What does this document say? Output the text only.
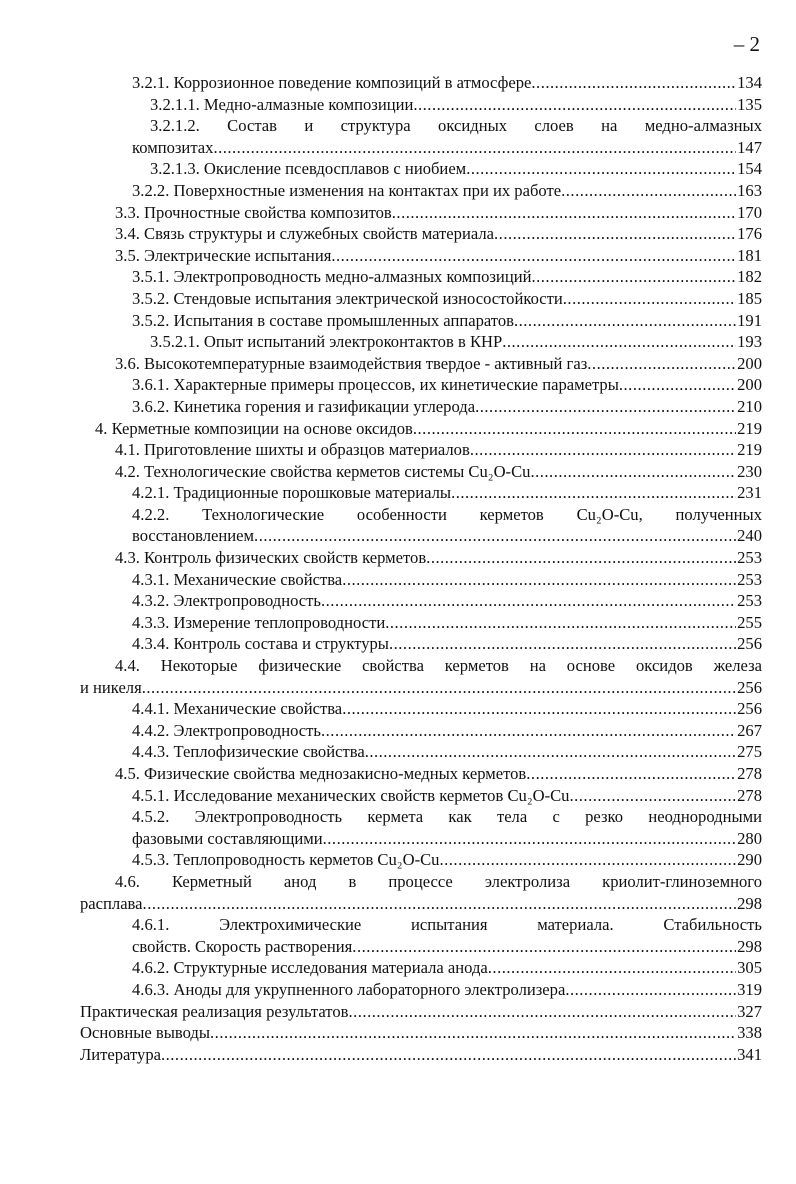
– 2
3.2.1. Коррозионное поведение композиций в атмосфере .....	134
3.2.1.1. Медно-алмазные композиции .....	135
3.2.1.2. Состав и структура оксидных слоев на медно-алмазных
композитах .....	147
3.2.1.3. Окисление псевдосплавов с ниобием .....	154
3.2.2. Поверхностные изменения на контактах при их работе .....	163
3.3. Прочностные свойства композитов .....	170
3.4. Связь структуры и служебных свойств материала .....	176
3.5. Электрические испытания .....	181
3.5.1. Электропроводность медно-алмазных композиций .....	182
3.5.2. Стендовые испытания электрической износостойкости .....	185
3.5.2. Испытания в составе промышленных аппаратов .....	191
3.5.2.1. Опыт испытаний электроконтактов в КНР .....	193
3.6. Высокотемпературные взаимодействия твердое - активный газ .....	200
3.6.1. Характерные примеры процессов, их кинетические параметры .....	200
3.6.2. Кинетика горения и газификации углерода .....	210
4. Керметные композиции на основе оксидов .....	219
4.1. Приготовление шихты и образцов материалов .....	219
4.2. Технологические свойства керметов системы Cu₂O-Cu .....	230
4.2.1. Традиционные порошковые материалы .....	231
4.2.2. Технологические особенности керметов Cu₂O-Cu, полученных
восстановлением .....	240
4.3. Контроль физических свойств керметов .....	253
4.3.1. Механические свойства .....	253
4.3.2. Электропроводность .....	253
4.3.3. Измерение теплопроводности .....	255
4.3.4. Контроль состава и структуры .....	256
4.4. Некоторые физические свойства керметов на основе оксидов железа
и никеля .....	256
4.4.1. Механические свойства .....	256
4.4.2. Электропроводность .....	267
4.4.3. Теплофизические свойства .....	275
4.5. Физические свойства меднозакисно-медных керметов .....	278
4.5.1. Исследование механических свойств керметов Cu₂O-Cu .....	278
4.5.2. Электропроводность кермета как тела с резко неоднородными
фазовыми составляющими .....	280
4.5.3. Теплопроводность керметов Cu₂O-Cu .....	290
4.6. Керметный анод в процессе электролиза криолит-глиноземного
расплава .....	298
4.6.1. Электрохимические испытания материала. Стабильность
свойств. Скорость растворения .....	298
4.6.2. Структурные исследования материала анода .....	305
4.6.3. Аноды для укрупненного лабораторного электролизера .....	319
Практическая реализация результатов .....	327
Основные выводы .....	338
Литература .....	341
